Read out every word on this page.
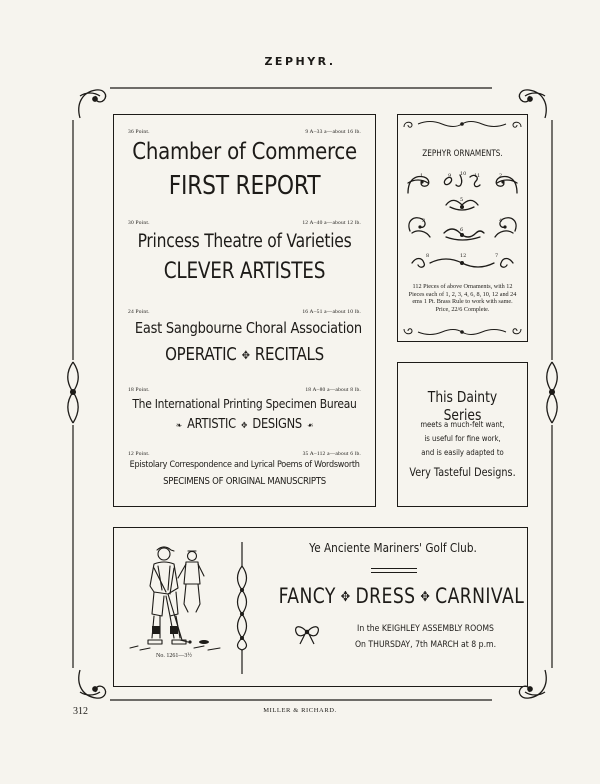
ZEPHYR.
36 Point.	9 A–33 a—about 16 lb.
Chamber of Commerce
FIRST REPORT
30 Point.	12 A–40 a—about 12 lb.
Princess Theatre of Varieties
CLEVER ARTISTES
24 Point.	16 A–51 a—about 10 lb.
East Sangbourne Choral Association
OPERATIC ✥ RECITALS
18 Point.	18 A–80 a—about 8 lb.
The International Printing Specimen Bureau
❧ ARTISTIC ✥ DESIGNS ❧
12 Point.	35 A–112 a—about 6 lb.
Epistolary Correspondence and Lyrical Poems of Wordsworth
SPECIMENS OF ORIGINAL MANUSCRIPTS
ZEPHYR ORNAMENTS.
1	2
3	4
5
6
7
8
9 10 11
12
112 Pieces of above Ornaments, with 12 Pieces each of 1, 2, 3, 4, 6, 8, 10, 12 and 24 ems 1 Pt. Brass Rule to work with same. Price, 22/6 Complete.
This Dainty Series
meets a much-felt want,
is useful for fine work,
and is easily adapted to
Very Tasteful Designs.
No. 1261—3½
Ye Anciente Mariners' Golf Club.
FANCY ✥ DRESS ✥ CARNIVAL
In the KEIGHLEY ASSEMBLY ROOMS
On THURSDAY, 7th MARCH at 8 p.m.
312	MILLER & RICHARD.
